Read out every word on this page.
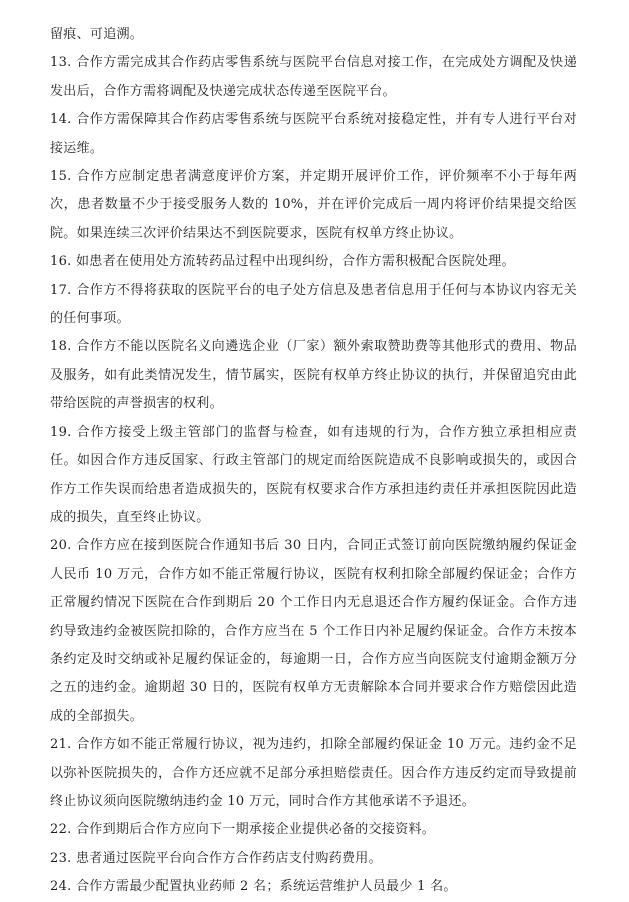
留痕、可追溯。

13. 合作方需完成其合作药店零售系统与医院平台信息对接工作，在完成处方调配及快递发出后，合作方需将调配及快递完成状态传递至医院平台。

14. 合作方需保障其合作药店零售系统与医院平台系统对接稳定性，并有专人进行平台对接运维。

15. 合作方应制定患者满意度评价方案，并定期开展评价工作，评价频率不小于每年两次，患者数量不少于接受服务人数的 10%，并在评价完成后一周内将评价结果提交给医院。如果连续三次评价结果达不到医院要求，医院有权单方终止协议。

16. 如患者在使用处方流转药品过程中出现纠纷，合作方需积极配合医院处理。

17. 合作方不得将获取的医院平台的电子处方信息及患者信息用于任何与本协议内容无关的任何事项。

18. 合作方不能以医院名义向遴选企业（厂家）额外索取赞助费等其他形式的费用、物品及服务，如有此类情况发生，情节属实，医院有权单方终止协议的执行，并保留追究由此带给医院的声誉损害的权利。

19. 合作方接受上级主管部门的监督与检查，如有违规的行为，合作方独立承担相应责任。如因合作方违反国家、行政主管部门的规定而给医院造成不良影响或损失的，或因合作方工作失误而给患者造成损失的，医院有权要求合作方承担违约责任并承担医院因此造成的损失，直至终止协议。

20. 合作方应在接到医院合作通知书后 30 日内，合同正式签订前向医院缴纳履约保证金人民币 10 万元，合作方如不能正常履行协议，医院有权利扣除全部履约保证金；合作方正常履约情况下医院在合作到期后 20 个工作日内无息退还合作方履约保证金。合作方违约导致违约金被医院扣除的，合作方应当在 5 个工作日内补足履约保证金。合作方未按本条约定及时交纳或补足履约保证金的，每逾期一日，合作方应当向医院支付逾期金额万分之五的违约金。逾期超 30 日的，医院有权单方无责解除本合同并要求合作方赔偿因此造成的全部损失。

21. 合作方如不能正常履行协议，视为违约，扣除全部履约保证金 10 万元。违约金不足以弥补医院损失的，合作方还应就不足部分承担赔偿责任。因合作方违反约定而导致提前终止协议须向医院缴纳违约金 10 万元，同时合作方其他承诺不予退还。

22. 合作到期后合作方应向下一期承接企业提供必备的交接资料。

23. 患者通过医院平台向合作方合作药店支付购药费用。

24. 合作方需最少配置执业药师 2 名；系统运营维护人员最少 1 名。
